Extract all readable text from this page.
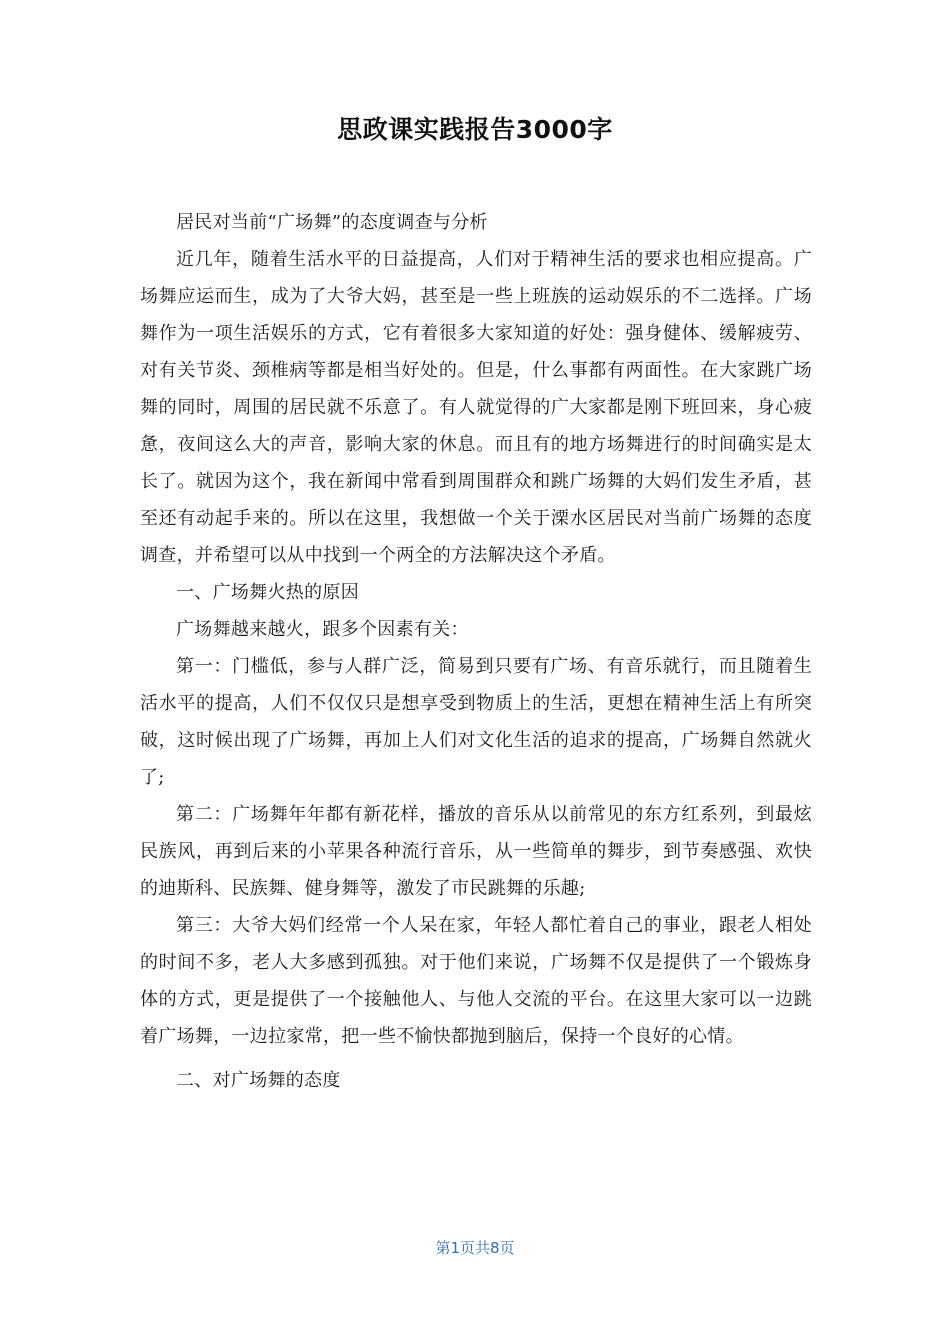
思政课实践报告3000字

居民对当前“广场舞”的态度调查与分析

近几年，随着生活水平的日益提高，人们对于精神生活的要求也相应提高。广场舞应运而生，成为了大爷大妈，甚至是一些上班族的运动娱乐的不二选择。广场舞作为一项生活娱乐的方式，它有着很多大家知道的好处：强身健体、缓解疲劳、对有关节炎、颈椎病等都是相当好处的。但是，什么事都有两面性。在大家跳广场舞的同时，周围的居民就不乐意了。有人就觉得的广大家都是刚下班回来，身心疲惫，夜间这么大的声音，影响大家的休息。而且有的地方场舞进行的时间确实是太长了。就因为这个，我在新闻中常看到周围群众和跳广场舞的大妈们发生矛盾，甚至还有动起手来的。所以在这里，我想做一个关于溧水区居民对当前广场舞的态度调查，并希望可以从中找到一个两全的方法解决这个矛盾。

一、广场舞火热的原因

广场舞越来越火，跟多个因素有关：

第一：门槛低，参与人群广泛，简易到只要有广场、有音乐就行，而且随着生活水平的提高，人们不仅仅只是想享受到物质上的生活，更想在精神生活上有所突破，这时候出现了广场舞，再加上人们对文化生活的追求的提高，广场舞自然就火了;

第二：广场舞年年都有新花样，播放的音乐从以前常见的东方红系列，到最炫民族风，再到后来的小苹果各种流行音乐，从一些简单的舞步，到节奏感强、欢快的迪斯科、民族舞、健身舞等，激发了市民跳舞的乐趣;

第三：大爷大妈们经常一个人呆在家，年轻人都忙着自己的事业，跟老人相处的时间不多，老人大多感到孤独。对于他们来说，广场舞不仅是提供了一个锻炼身体的方式，更是提供了一个接触他人、与他人交流的平台。在这里大家可以一边跳着广场舞，一边拉家常，把一些不愉快都抛到脑后，保持一个良好的心情。

二、对广场舞的态度

第1页共8页
